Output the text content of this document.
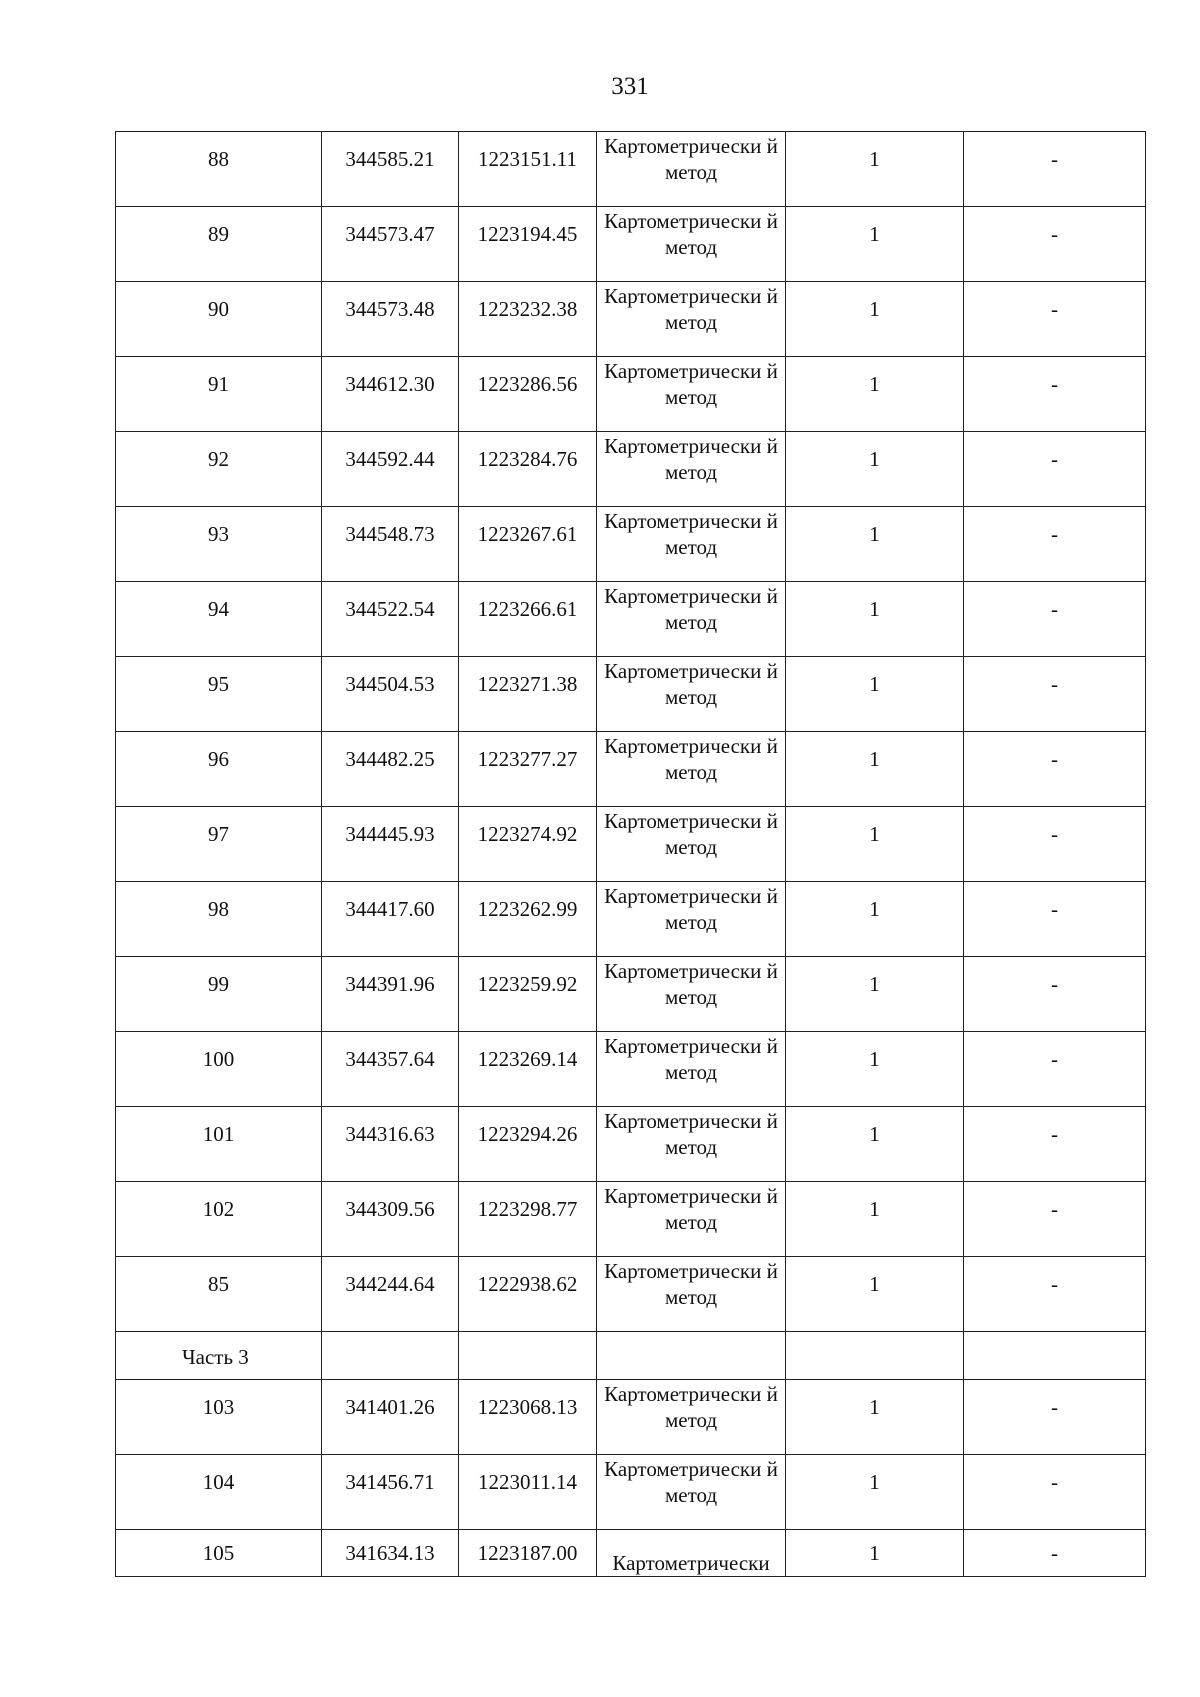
331
88	344585.21	1223151.11	Картометрически й метод	1	-
89	344573.47	1223194.45	Картометрически й метод	1	-
90	344573.48	1223232.38	Картометрически й метод	1	-
91	344612.30	1223286.56	Картометрически й метод	1	-
92	344592.44	1223284.76	Картометрически й метод	1	-
93	344548.73	1223267.61	Картометрически й метод	1	-
94	344522.54	1223266.61	Картометрически й метод	1	-
95	344504.53	1223271.38	Картометрически й метод	1	-
96	344482.25	1223277.27	Картометрически й метод	1	-
97	344445.93	1223274.92	Картометрически й метод	1	-
98	344417.60	1223262.99	Картометрически й метод	1	-
99	344391.96	1223259.92	Картометрически й метод	1	-
100	344357.64	1223269.14	Картометрически й метод	1	-
101	344316.63	1223294.26	Картометрически й метод	1	-
102	344309.56	1223298.77	Картометрически й метод	1	-
85	344244.64	1222938.62	Картометрически й метод	1	-
Часть 3					
103	341401.26	1223068.13	Картометрически й метод	1	-
104	341456.71	1223011.14	Картометрически й метод	1	-
105	341634.13	1223187.00	Картометрически	1	-
